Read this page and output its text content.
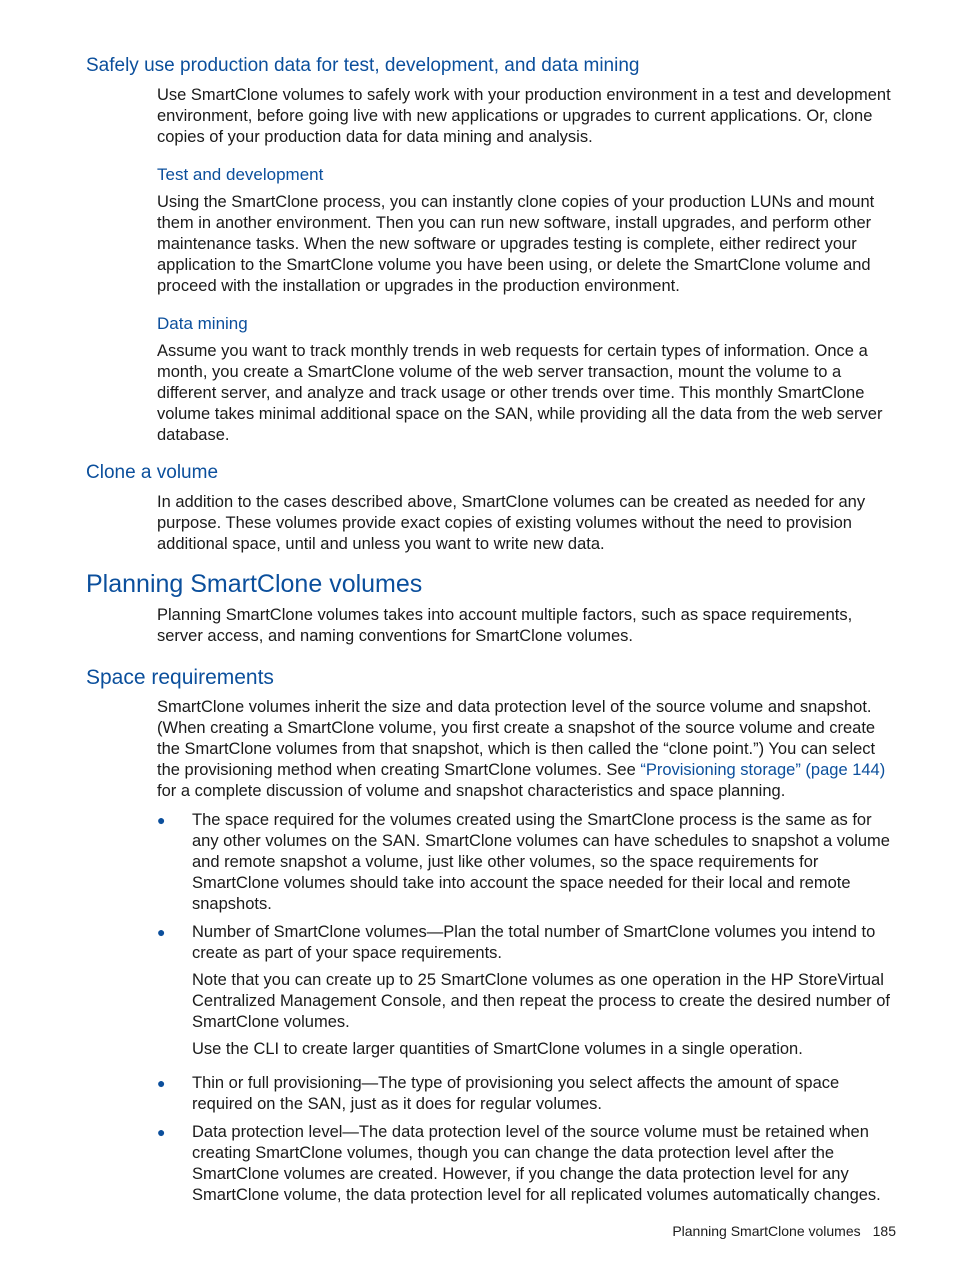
Safely use production data for test, development, and data mining

Use SmartClone volumes to safely work with your production environment in a test and development environment, before going live with new applications or upgrades to current applications. Or, clone copies of your production data for data mining and analysis.

Test and development

Using the SmartClone process, you can instantly clone copies of your production LUNs and mount them in another environment. Then you can run new software, install upgrades, and perform other maintenance tasks. When the new software or upgrades testing is complete, either redirect your application to the SmartClone volume you have been using, or delete the SmartClone volume and proceed with the installation or upgrades in the production environment.

Data mining

Assume you want to track monthly trends in web requests for certain types of information. Once a month, you create a SmartClone volume of the web server transaction, mount the volume to a different server, and analyze and track usage or other trends over time. This monthly SmartClone volume takes minimal additional space on the SAN, while providing all the data from the web server database.

Clone a volume

In addition to the cases described above, SmartClone volumes can be created as needed for any purpose. These volumes provide exact copies of existing volumes without the need to provision additional space, until and unless you want to write new data.

Planning SmartClone volumes

Planning SmartClone volumes takes into account multiple factors, such as space requirements, server access, and naming conventions for SmartClone volumes.

Space requirements

SmartClone volumes inherit the size and data protection level of the source volume and snapshot. (When creating a SmartClone volume, you first create a snapshot of the source volume and create the SmartClone volumes from that snapshot, which is then called the “clone point.”) You can select the provisioning method when creating SmartClone volumes. See “Provisioning storage” (page 144) for a complete discussion of volume and snapshot characteristics and space planning.

● The space required for the volumes created using the SmartClone process is the same as for any other volumes on the SAN. SmartClone volumes can have schedules to snapshot a volume and remote snapshot a volume, just like other volumes, so the space requirements for SmartClone volumes should take into account the space needed for their local and remote snapshots.

● Number of SmartClone volumes—Plan the total number of SmartClone volumes you intend to create as part of your space requirements.

Note that you can create up to 25 SmartClone volumes as one operation in the HP StoreVirtual Centralized Management Console, and then repeat the process to create the desired number of SmartClone volumes.

Use the CLI to create larger quantities of SmartClone volumes in a single operation.

● Thin or full provisioning—The type of provisioning you select affects the amount of space required on the SAN, just as it does for regular volumes.

● Data protection level—The data protection level of the source volume must be retained when creating SmartClone volumes, though you can change the data protection level after the SmartClone volumes are created. However, if you change the data protection level for any SmartClone volume, the data protection level for all replicated volumes automatically changes.

Planning SmartClone volumes 185
